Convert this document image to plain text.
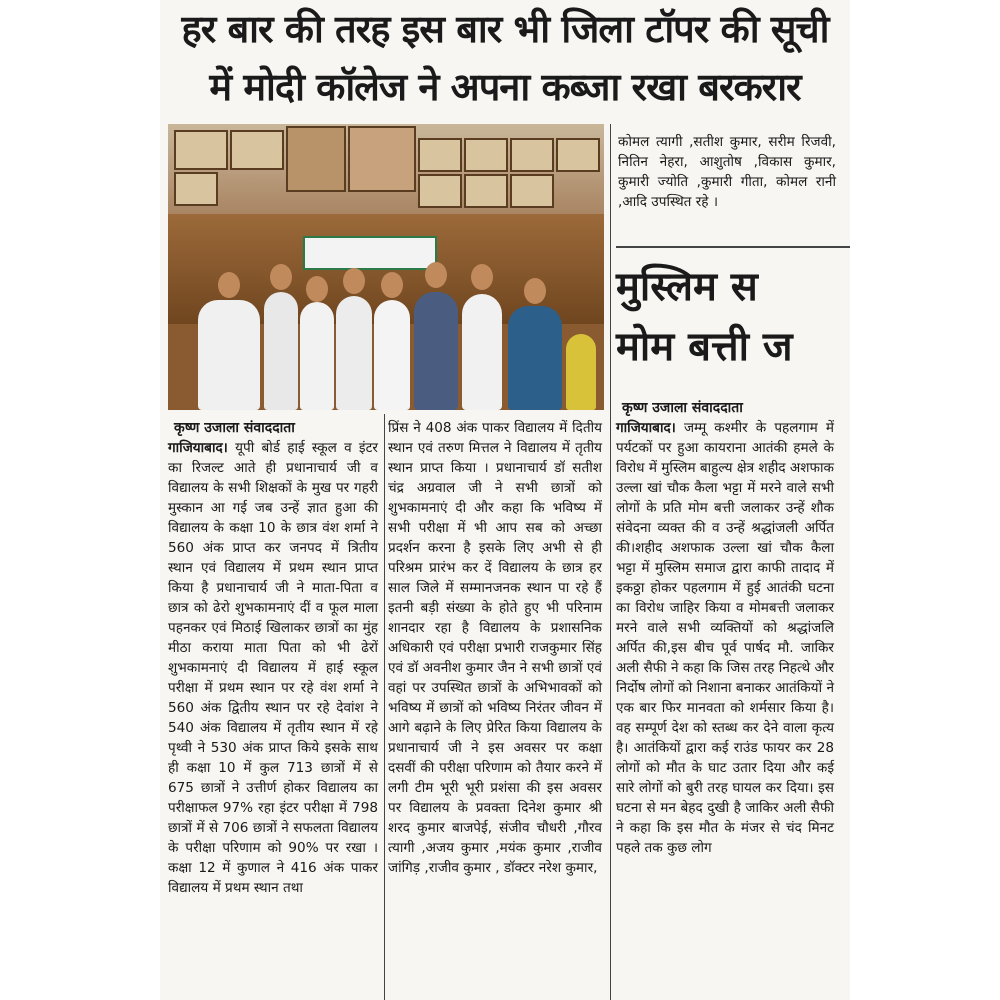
हर बार की तरह इस बार भी जिला टॉपर की सूची
में मोदी कॉलेज ने अपना कब्जा रखा बरकरार

कोमल त्यागी ,सतीश कुमार, सरीम रिजवी, नितिन नेहरा, आशुतोष ,विकास कुमार, कुमारी ज्योति ,कुमारी गीता, कोमल रानी ,आदि उपस्थित रहे ।

मुस्लिम स
मोम बत्ती ज
कृष्ण उजाला संवाददाता

गाजियाबाद। यूपी बोर्ड हाई स्कूल व इंटर का रिजल्ट आते ही प्रधानाचार्य जी व विद्यालय के सभी शिक्षकों के मुख पर गहरी मुस्कान आ गई जब उन्हें ज्ञात हुआ की विद्यालय के कक्षा 10 के छात्र वंश शर्मा ने 560 अंक प्राप्त कर जनपद में त्रितीय स्थान एवं विद्यालय में प्रथम स्थान प्राप्त किया है प्रधानाचार्य जी ने माता-पिता व छात्र को ढेरो शुभकामनाएं दीं व फूल माला पहनकर एवं मिठाई खिलाकर छात्रों का मुंह मीठा कराया माता पिता को भी ढेरों शुभकामनाएं दी विद्यालय में हाई स्कूल परीक्षा में प्रथम स्थान पर रहे वंश शर्मा ने 560 अंक द्वितीय स्थान पर रहे देवांश ने 540 अंक विद्यालय में तृतीय स्थान में रहे पृथ्वी ने 530 अंक प्राप्त किये इसके साथ ही कक्षा 10 में कुल 713 छात्रों में से 675 छात्रों ने उत्तीर्ण होकर विद्यालय का परीक्षाफल 97% रहा इंटर परीक्षा में 798 छात्रों में से 706 छात्रों ने सफलता विद्यालय के परीक्षा परिणाम को 90% पर रखा । कक्षा 12 में कुणाल ने 416 अंक पाकर विद्यालय में प्रथम स्थान तथा

प्रिंस ने 408 अंक पाकर विद्यालय में दितीय स्थान एवं तरुण मित्तल ने विद्यालय में तृतीय स्थान प्राप्त किया । प्रधानाचार्य डॉ सतीश चंद्र अग्रवाल जी ने सभी छात्रों को शुभकामनाएं दी और कहा कि भविष्य में सभी परीक्षा में भी आप सब को अच्छा प्रदर्शन करना है इसके लिए अभी से ही परिश्रम प्रारंभ कर दें विद्यालय के छात्र हर साल जिले में सम्मानजनक स्थान पा रहे हैं इतनी बड़ी संख्या के होते हुए भी परिनाम शानदार रहा है विद्यालय के प्रशासनिक अधिकारी एवं परीक्षा प्रभारी राजकुमार सिंह एवं डॉ अवनीश कुमार जैन ने सभी छात्रों एवं वहां पर उपस्थित छात्रों के अभिभावकों को भविष्य में छात्रों को भविष्य निरंतर जीवन में आगे बढ़ाने के लिए प्रेरित किया विद्यालय के प्रधानाचार्य जी ने इस अवसर पर कक्षा दसवीं की परीक्षा परिणाम को तैयार करने में लगी टीम भूरी भूरी प्रशंसा की इस अवसर पर विद्यालय के प्रवक्ता दिनेश कुमार श्री शरद कुमार बाजपेई, संजीव चौधरी ,गौरव त्यागी ,अजय कुमार ,मयंक कुमार ,राजीव जांगिड़ ,राजीव कुमार , डॉक्टर नरेश कुमार,

कृष्ण उजाला संवाददाता

गाजियाबाद। जम्मू कश्मीर के पहलगाम में पर्यटकों पर हुआ कायराना आतंकी हमले के विरोध में मुस्लिम बाहुल्य क्षेत्र शहीद अशफाक उल्ला खां चौक कैला भट्टा में मरने वाले सभी लोगों के प्रति मोम बत्ती जलाकर उन्हें शौक संवेदना व्यक्त की व उन्हें श्रद्धांजली अर्पित की।शहीद अशफाक उल्ला खां चौक कैला भट्टा में मुस्लिम समाज द्वारा काफी तादाद में इकठ्ठा होकर पहलगाम में हुई आतंकी घटना का विरोध जाहिर किया व मोमबत्ती जलाकर मरने वाले सभी व्यक्तियों को श्रद्धांजलि अर्पित की,इस बीच पूर्व पार्षद मौ. जाकिर अली सैफी ने कहा कि जिस तरह निहत्थे और निर्दोष लोगों को निशाना बनाकर आतंकियों ने एक बार फिर मानवता को शर्मसार किया है। वह सम्पूर्ण देश को स्तब्ध कर देने वाला कृत्य है। आतंकियों द्वारा कई राउंड फायर कर 28 लोगों को मौत के घाट उतार दिया और कई सारे लोगों को बुरी तरह घायल कर दिया। इस घटना से मन बेहद दुखी है जाकिर अली सैफी ने कहा कि इस मौत के मंजर से चंद मिनट पहले तक कुछ लोग
